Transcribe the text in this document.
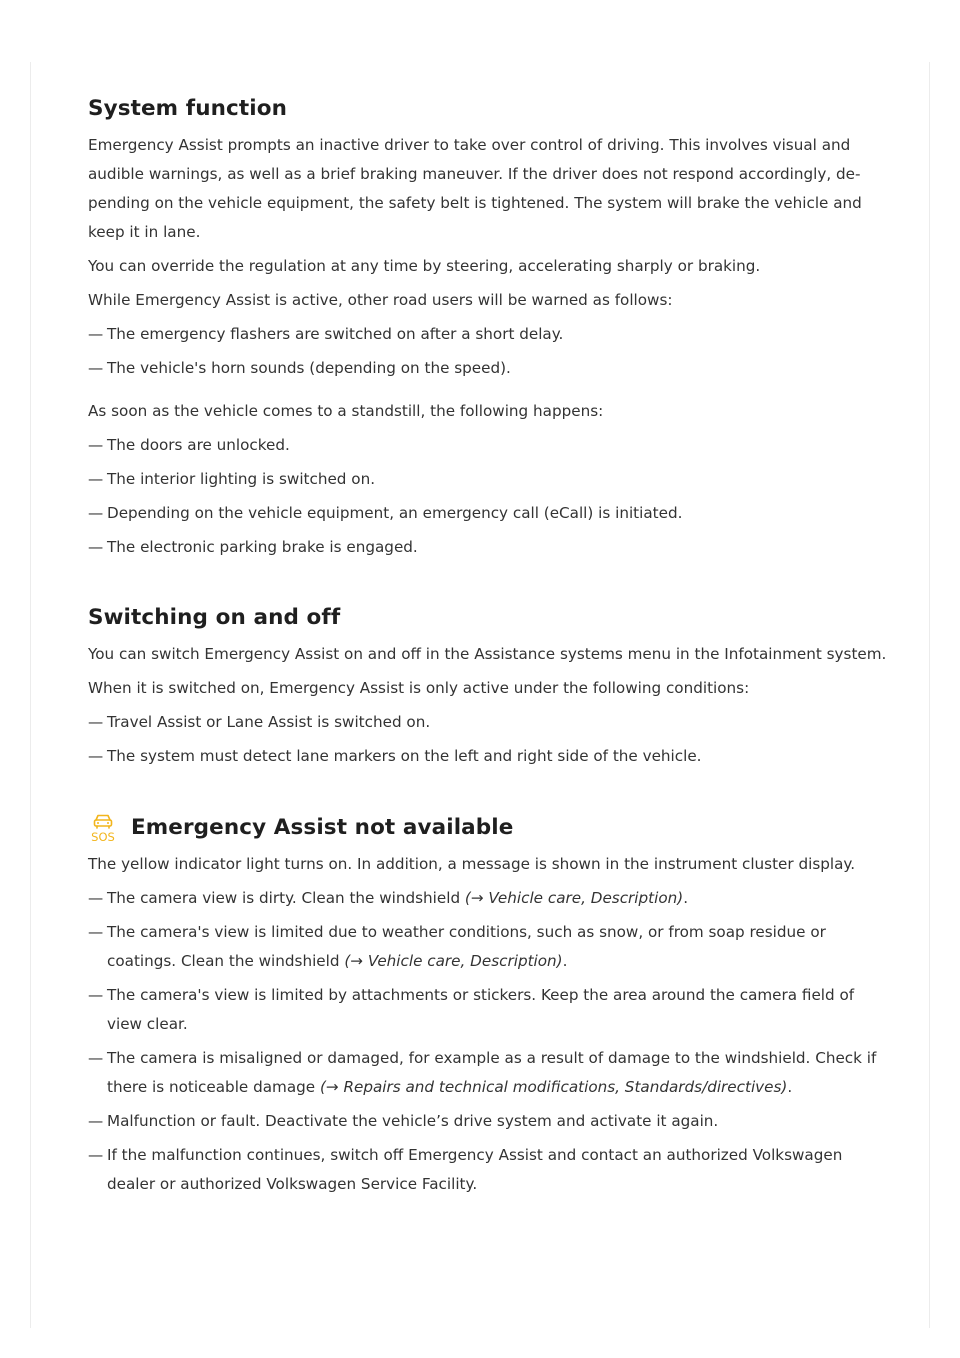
System function

Emergency Assist prompts an inactive driver to take over control of driving. This involves visual and audible warnings, as well as a brief braking maneuver. If the driver does not respond accordingly, de-pending on the vehicle equipment, the safety belt is tightened. The system will brake the vehicle and keep it in lane.

You can override the regulation at any time by steering, accelerating sharply or braking.

While Emergency Assist is active, other road users will be warned as follows:

— The emergency flashers are switched on after a short delay.
— The vehicle's horn sounds (depending on the speed).

As soon as the vehicle comes to a standstill, the following happens:

— The doors are unlocked.
— The interior lighting is switched on.
— Depending on the vehicle equipment, an emergency call (eCall) is initiated.
— The electronic parking brake is engaged.
Switching on and off

You can switch Emergency Assist on and off in the Assistance systems menu in the Infotainment system.

When it is switched on, Emergency Assist is only active under the following conditions:

— Travel Assist or Lane Assist is switched on.
— The system must detect lane markers on the left and right side of the vehicle.
SOS Emergency Assist not available

The yellow indicator light turns on. In addition, a message is shown in the instrument cluster display.

— The camera view is dirty. Clean the windshield (→ Vehicle care, Description).
— The camera's view is limited due to weather conditions, such as snow, or from soap residue or coatings. Clean the windshield (→ Vehicle care, Description).
— The camera's view is limited by attachments or stickers. Keep the area around the camera field of view clear.
— The camera is misaligned or damaged, for example as a result of damage to the windshield. Check if there is noticeable damage (→ Repairs and technical modifications, Standards/directives).
— Malfunction or fault. Deactivate the vehicle’s drive system and activate it again.
— If the malfunction continues, switch off Emergency Assist and contact an authorized Volkswagen dealer or authorized Volkswagen Service Facility.
